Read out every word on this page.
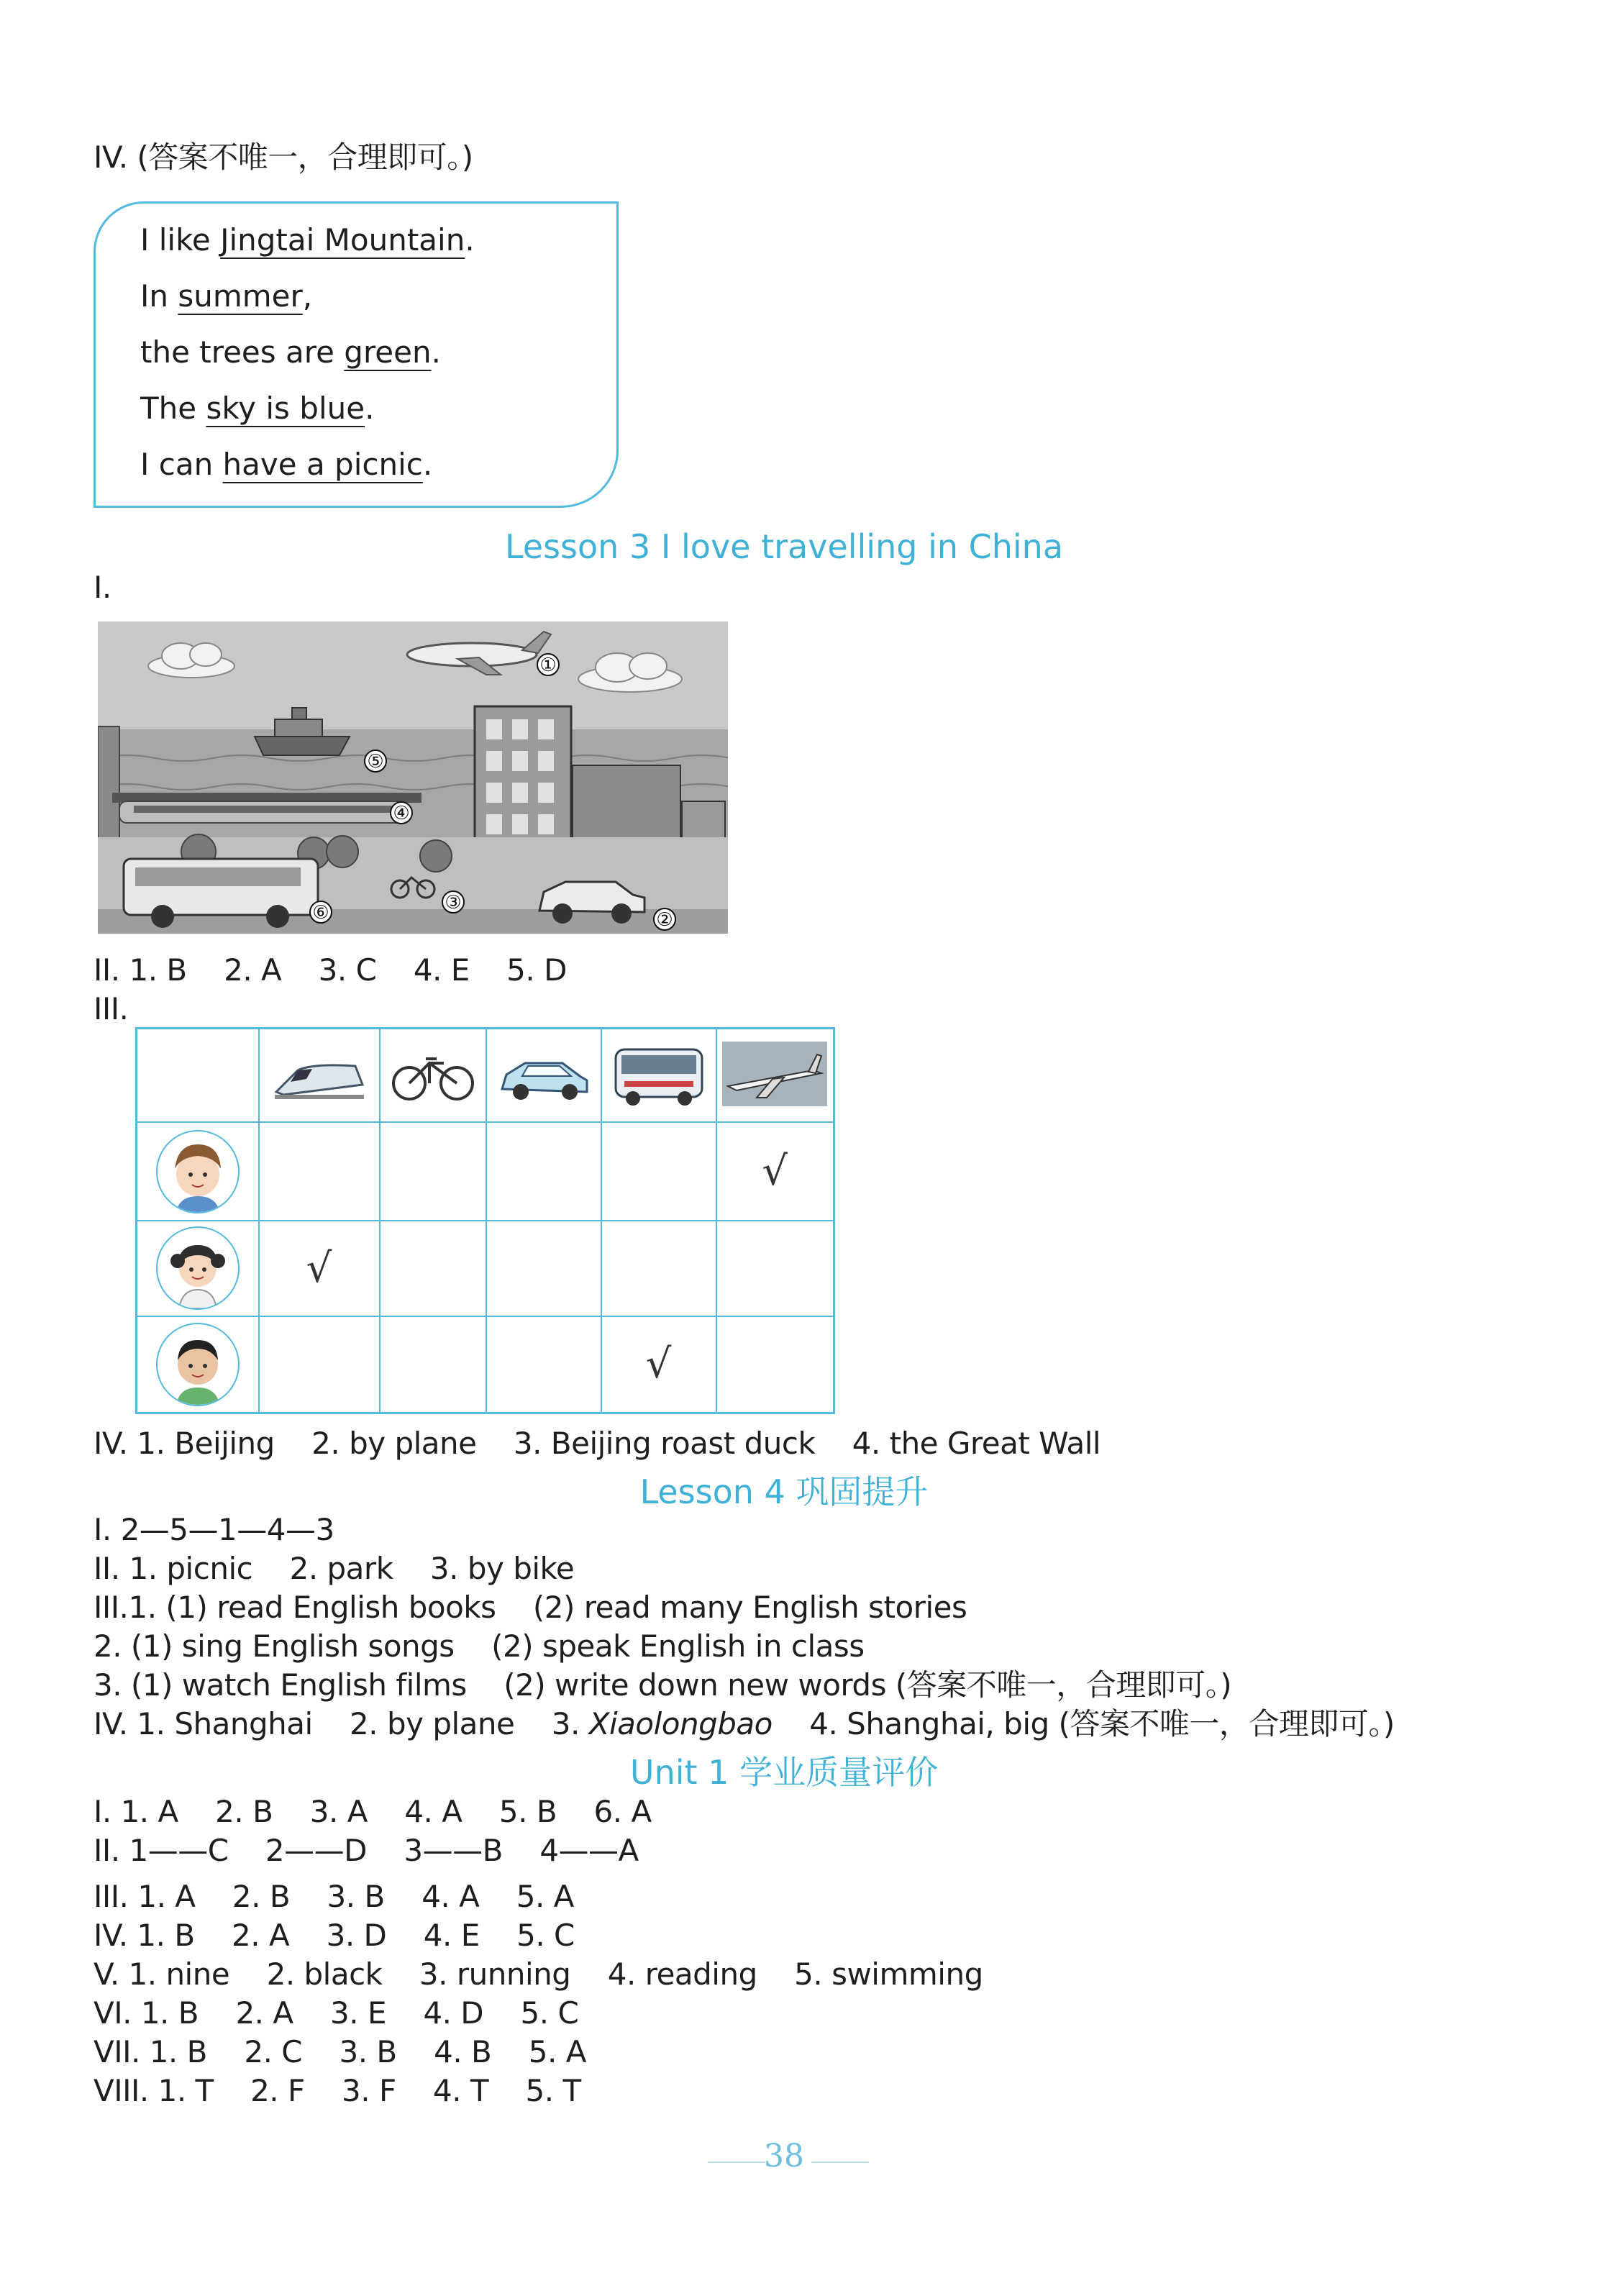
IV. (答案不唯一，合理即可。)
I like Jingtai Mountain.
In summer,
the trees are green.
The sky is blue.
I can have a picnic.
Lesson 3 I love travelling in China
I.
①
②
③
④
⑤
⑥
II. 1. B    2. A    3. C    4. E    5. D
III.

					√
	√				
				√	
IV. 1. Beijing    2. by plane    3. Beijing roast duck    4. the Great Wall
Lesson 4 巩固提升
I. 2—5—1—4—3
II. 1. picnic    2. park    3. by bike
III.1. (1) read English books    (2) read many English stories
2. (1) sing English songs    (2) speak English in class
3. (1) watch English films    (2) write down new words (答案不唯一，合理即可。)
IV. 1. Shanghai    2. by plane    3. Xiaolongbao    4. Shanghai, big (答案不唯一，合理即可。)
Unit 1 学业质量评价
I. 1. A    2. B    3. A    4. A    5. B    6. A
II. 1——C    2——D    3——B    4——A
III. 1. A    2. B    3. B    4. A    5. A
IV. 1. B    2. A    3. D    4. E    5. C
V. 1. nine    2. black    3. running    4. reading    5. swimming
VI. 1. B    2. A    3. E    4. D    5. C
VII. 1. B    2. C    3. B    4. B    5. A
VIII. 1. T    2. F    3. F    4. T    5. T
38
